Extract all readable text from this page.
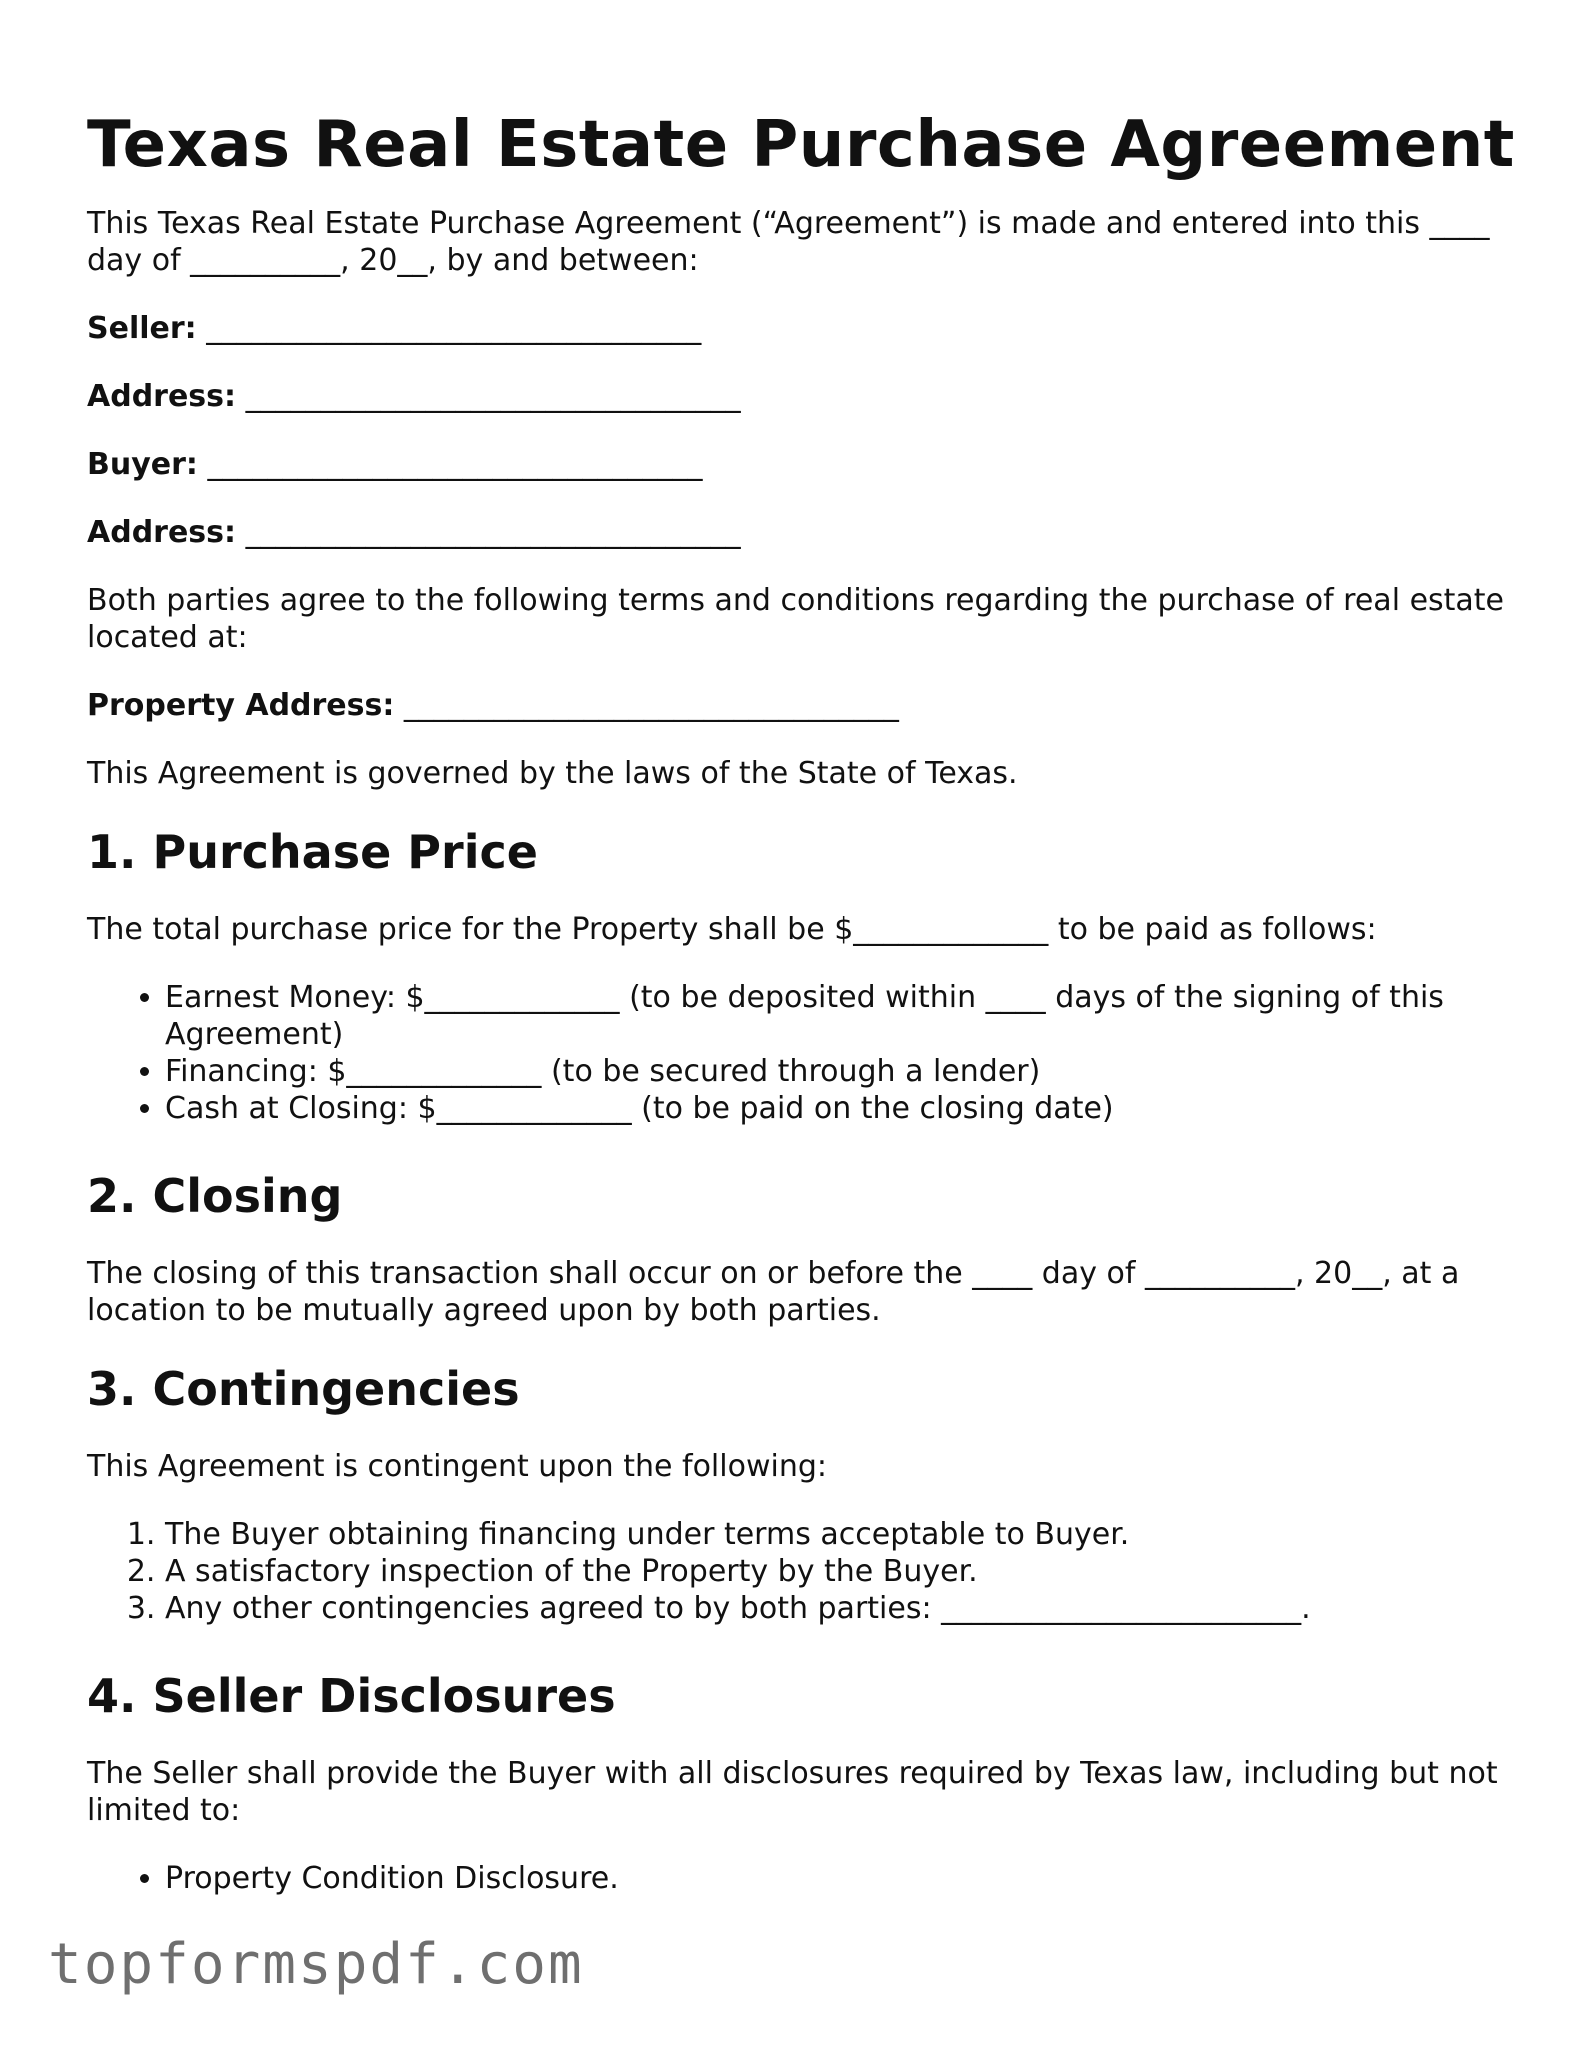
Texas Real Estate Purchase Agreement

This Texas Real Estate Purchase Agreement (“Agreement”) is made and entered into this ____ day of __________, 20__, by and between:

Seller: _________________________________

Address: _________________________________

Buyer: _________________________________

Address: _________________________________

Both parties agree to the following terms and conditions regarding the purchase of real estate located at:

Property Address: _________________________________

This Agreement is governed by the laws of the State of Texas.

1. Purchase Price

The total purchase price for the Property shall be $_____________ to be paid as follows:

• Earnest Money: $_____________ (to be deposited within ____ days of the signing of this Agreement)
• Financing: $_____________ (to be secured through a lender)
• Cash at Closing: $_____________ (to be paid on the closing date)
2. Closing

The closing of this transaction shall occur on or before the ____ day of __________, 20__, at a location to be mutually agreed upon by both parties.

3. Contingencies

This Agreement is contingent upon the following:

1. The Buyer obtaining financing under terms acceptable to Buyer.
2. A satisfactory inspection of the Property by the Buyer.
3. Any other contingencies agreed to by both parties: ________________________.
4. Seller Disclosures

The Seller shall provide the Buyer with all disclosures required by Texas law, including but not limited to:

• Property Condition Disclosure.
topformspdf.com
